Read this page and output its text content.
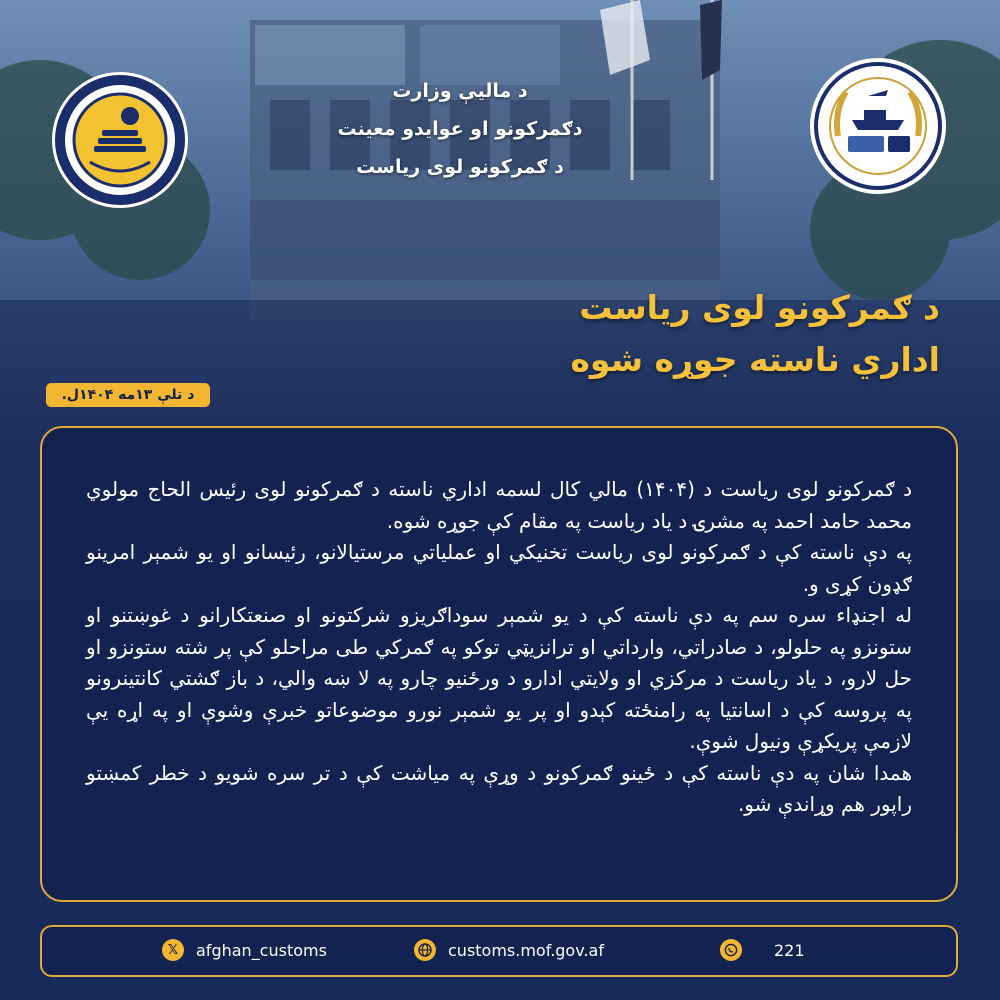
د مالیې وزارت
دګمرکونو او عوایدو معینت
د ګمرکونو لوی ریاست
د ګمرکونو لوی ریاست
اداري ناسته جوړه شوه
د تلې ۱۳مه ۱۴۰۴ل.

د ګمرکونو لوی ریاست د (۱۴۰۴) مالي کال لسمه اداري ناسته د ګمرکونو لوی رئیس الحاج مولوي محمد حامد احمد په مشرۍ د یاد ریاست په مقام کې جوړه شوه.

په دې ناسته کې د ګمرکونو لوی ریاست تخنیکي او عملیاتي مرستیالانو، رئیسانو او یو شمېر امرینو ګډون کړی و.

له اجنډاء سره سم په دې ناسته کې د یو شمېر سوداګریزو شرکتونو او صنعتکارانو د غوښتنو او ستونزو په حلولو، د صادراتي، وارداتي او ترانزیټي توکو په ګمرکي طی مراحلو کې پر شته ستونزو او حل لارو، د یاد ریاست د مرکزي او ولایتي ادارو د ورځنیو چارو په لا ښه والي، د باز ګشتي کانتینرونو په پروسه کې د اسانتیا په رامنځته کېدو او پر یو شمېر نورو موضوعاتو خبرې وشوې او په اړه یې لازمې پریکړې ونیول شوې.

همدا شان په دې ناسته کې د ځینو ګمرکونو د وړې په میاشت کې د تر سره شویو د خطر کمښتو راپور هم وړاندې شو.

𝕏	afghan_customs	customs.mof.gov.af	221
